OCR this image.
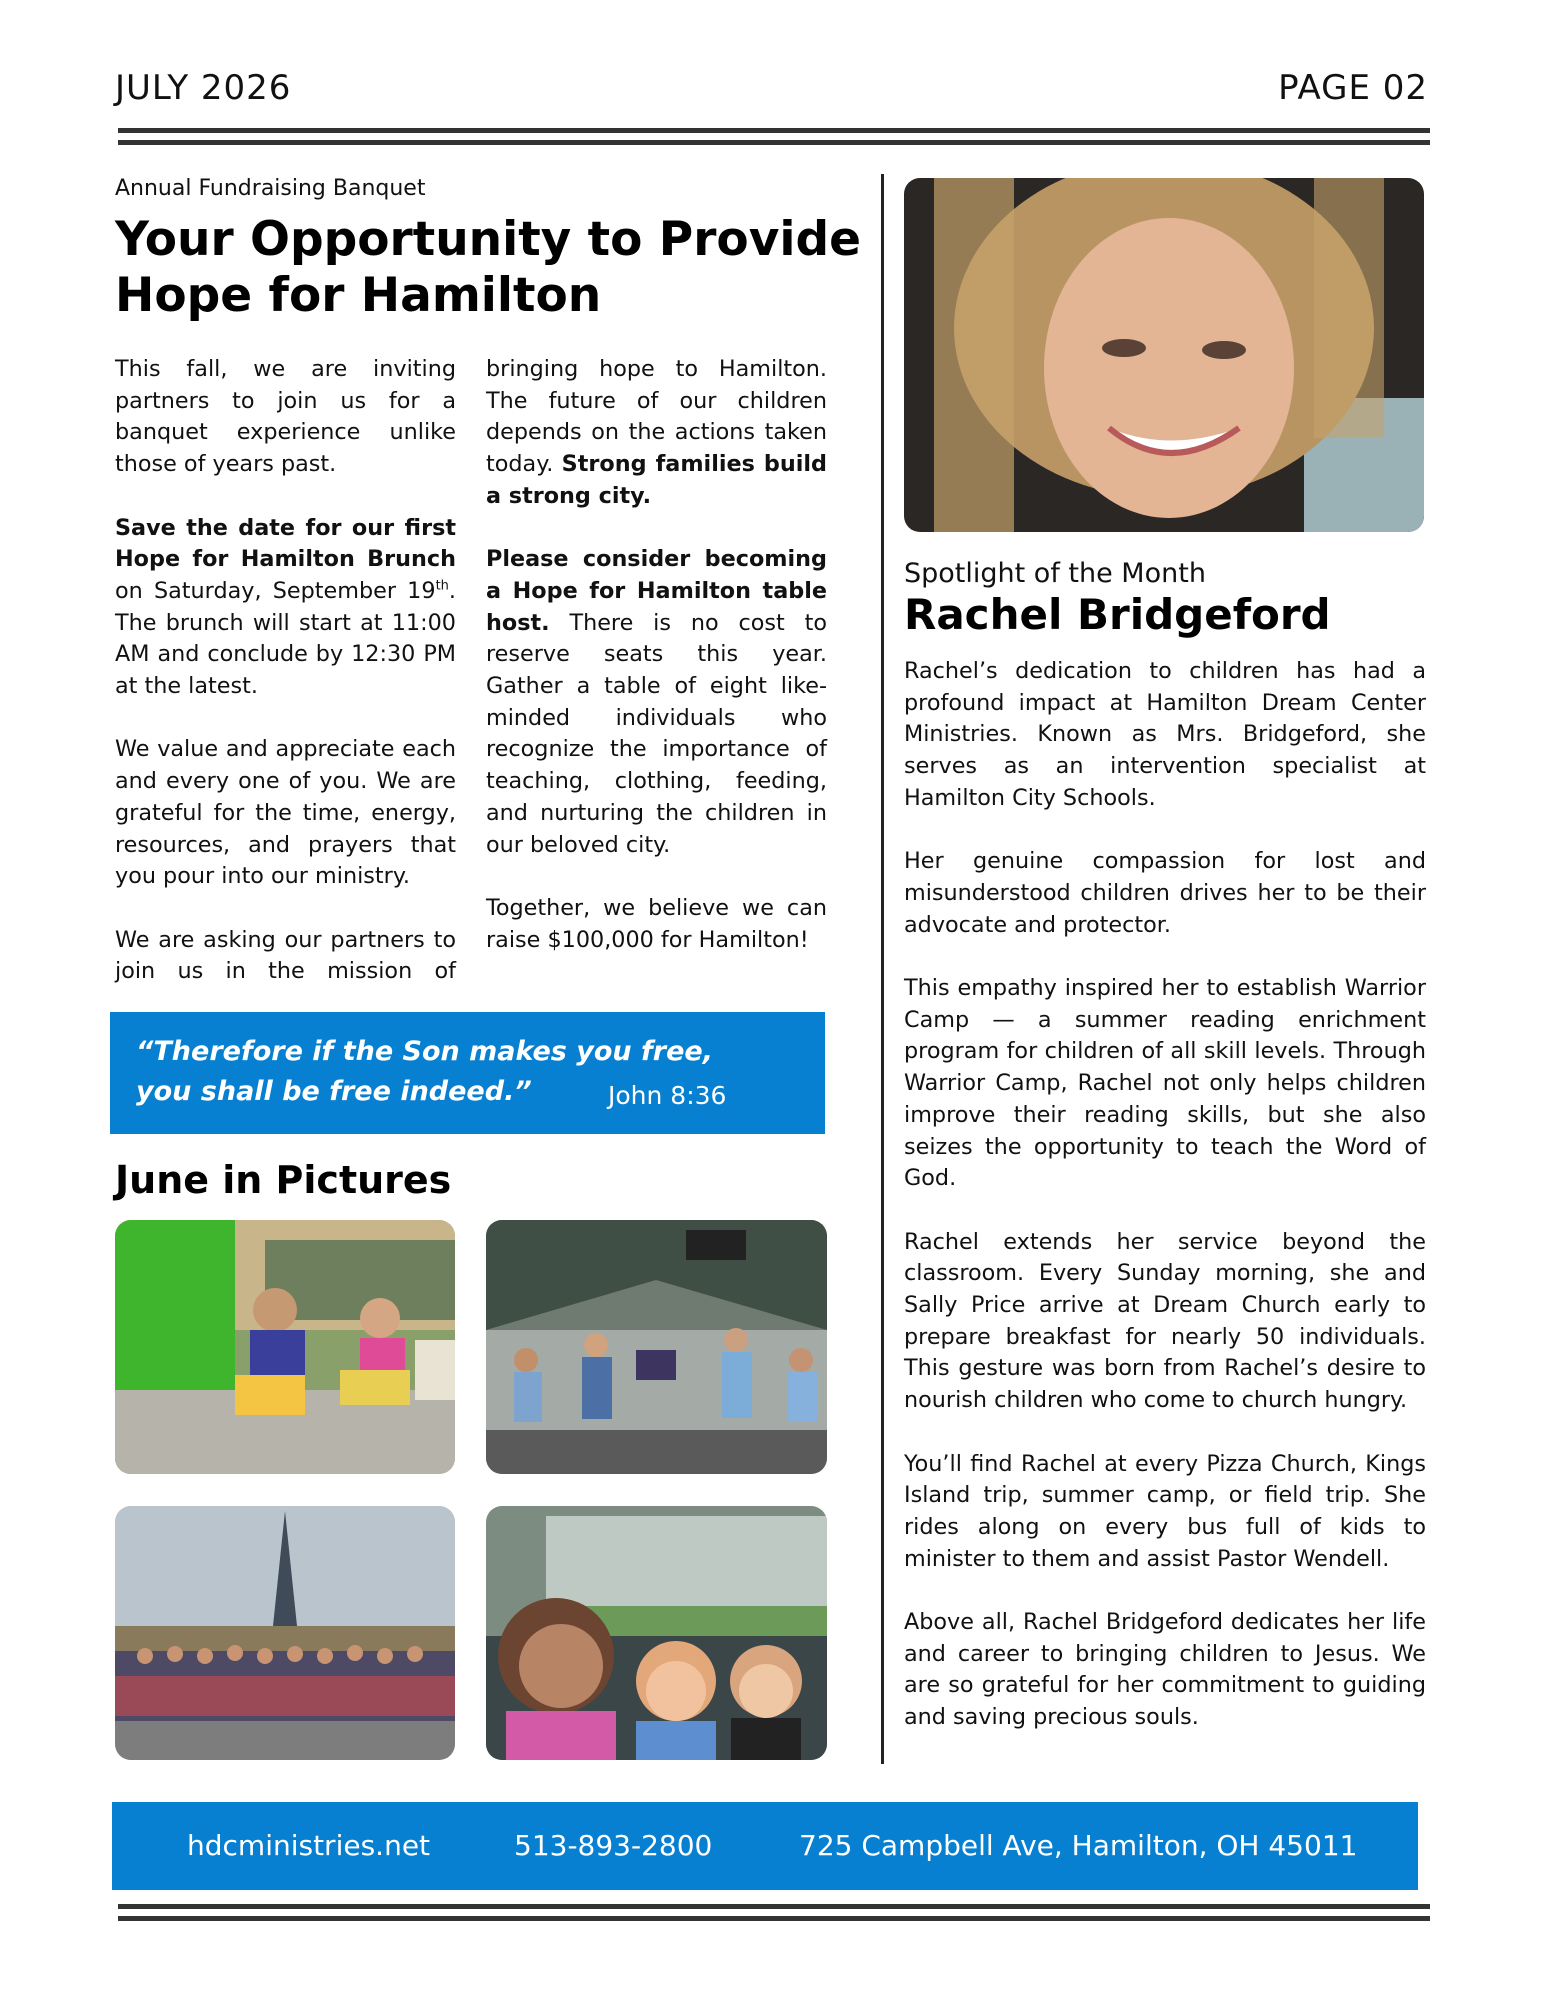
JULY 2026	PAGE 02
Annual Fundraising Banquet
Your Opportunity to Provide Hope for Hamilton

This fall, we are inviting partners to join us for a banquet experience unlike those of years past.

Save the date for our first Hope for Hamilton Brunch on Saturday, September 19th. The brunch will start at 11:00 AM and conclude by 12:30 PM at the latest.

We value and appreciate each and every one of you. We are grateful for the time, energy, resources, and prayers that you pour into our ministry.

We are asking our partners to join us in the mission of bringing hope to Hamilton. The future of our children depends on the actions taken today. Strong families build a strong city.

Please consider becoming a Hope for Hamilton table host. There is no cost to reserve seats this year. Gather a table of eight like-minded individuals who recognize the importance of teaching, clothing, feeding, and nurturing the children in our beloved city.

Together, we believe we can raise $100,000 for Hamilton!

“Therefore if the Son makes you free, you shall be free indeed.”	John 8:36
June in Pictures
Spotlight of the Month
Rachel Bridgeford

Rachel’s dedication to children has had a profound impact at Hamilton Dream Center Ministries. Known as Mrs. Bridgeford, she serves as an intervention specialist at Hamilton City Schools.

Her genuine compassion for lost and misunderstood children drives her to be their advocate and protector.

This empathy inspired her to establish Warrior Camp — a summer reading enrichment program for children of all skill levels. Through Warrior Camp, Rachel not only helps children improve their reading skills, but she also seizes the opportunity to teach the Word of God.

Rachel extends her service beyond the classroom. Every Sunday morning, she and Sally Price arrive at Dream Church early to prepare breakfast for nearly 50 individuals. This gesture was born from Rachel’s desire to nourish children who come to church hungry.

You’ll find Rachel at every Pizza Church, Kings Island trip, summer camp, or field trip. She rides along on every bus full of kids to minister to them and assist Pastor Wendell.

Above all, Rachel Bridgeford dedicates her life and career to bringing children to Jesus. We are so grateful for her commitment to guiding and saving precious souls.

hdcministries.net	513-893-2800	725 Campbell Ave, Hamilton, OH 45011
